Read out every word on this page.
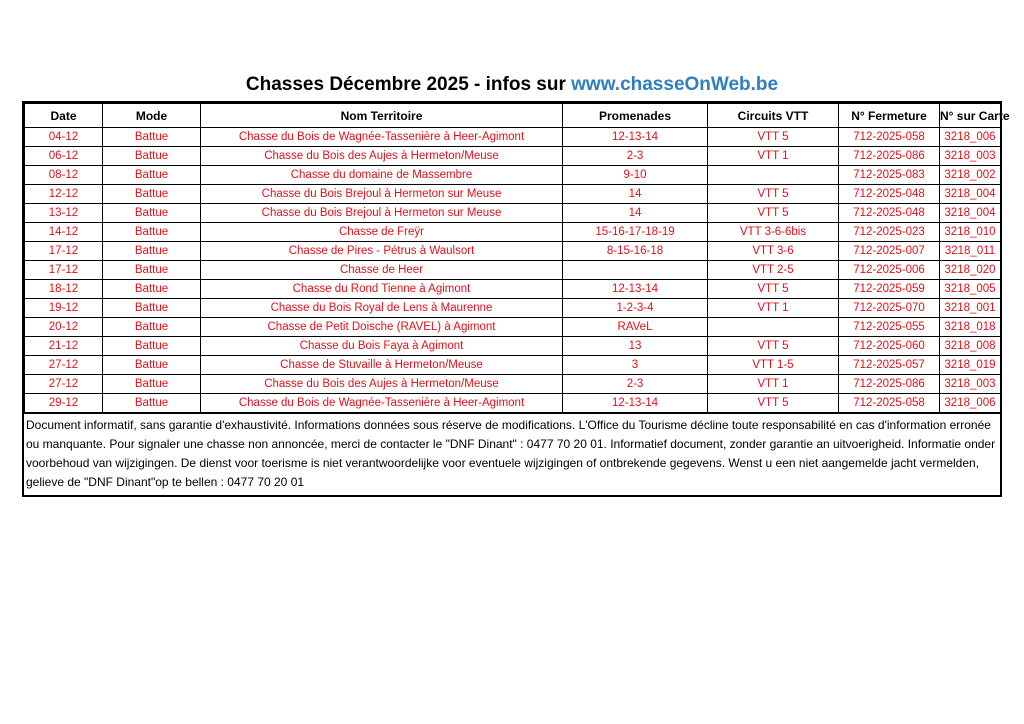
Chasses Décembre 2025 - infos sur www.chasseOnWeb.be
Date	Mode	Nom Territoire	Promenades	Circuits VTT	N° Fermeture	N° sur Carte
04-12	Battue	Chasse du Bois de Wagnée-Tassenière à Heer-Agimont	12-13-14	VTT 5	712-2025-058	3218_006
06-12	Battue	Chasse du Bois des Aujes à Hermeton/Meuse	2-3	VTT 1	712-2025-086	3218_003
08-12	Battue	Chasse du domaine de Massembre	9-10		712-2025-083	3218_002
12-12	Battue	Chasse du Bois Brejoul à Hermeton sur Meuse	14	VTT 5	712-2025-048	3218_004
13-12	Battue	Chasse du Bois Brejoul à Hermeton sur Meuse	14	VTT 5	712-2025-048	3218_004
14-12	Battue	Chasse de Freÿr	15-16-17-18-19	VTT 3-6-6bis	712-2025-023	3218_010
17-12	Battue	Chasse de Pires - Pétrus à Waulsort	8-15-16-18	VTT 3-6	712-2025-007	3218_011
17-12	Battue	Chasse de Heer		VTT 2-5	712-2025-006	3218_020
18-12	Battue	Chasse du Rond Tienne à Agimont	12-13-14	VTT 5	712-2025-059	3218_005
19-12	Battue	Chasse du Bois Royal de Lens à Maurenne	1-2-3-4	VTT 1	712-2025-070	3218_001
20-12	Battue	Chasse de Petit Doische (RAVEL) à Agimont	RAVeL		712-2025-055	3218_018
21-12	Battue	Chasse du Bois Faya à Agimont	13	VTT 5	712-2025-060	3218_008
27-12	Battue	Chasse de Stuvaille à Hermeton/Meuse	3	VTT 1-5	712-2025-057	3218_019
27-12	Battue	Chasse du Bois des Aujes à Hermeton/Meuse	2-3	VTT 1	712-2025-086	3218_003
29-12	Battue	Chasse du Bois de Wagnée-Tassenière à Heer-Agimont	12-13-14	VTT 5	712-2025-058	3218_006
Document informatif, sans garantie d'exhaustivité. Informations données sous réserve de modifications. L'Office du Tourisme décline toute responsabilité en cas d'information erronée ou manquante. Pour signaler une chasse non annoncée, merci de contacter le "DNF Dinant" : 0477 70 20 01. Informatief document, zonder garantie an uitvoerigheid. Informatie onder voorbehoud van wijzigingen. De dienst voor toerisme is niet verantwoordelijke voor eventuele wijzigingen of ontbrekende gegevens. Wenst u een niet aangemelde jacht vermelden, gelieve de "DNF Dinant"op te bellen : 0477 70 20 01
